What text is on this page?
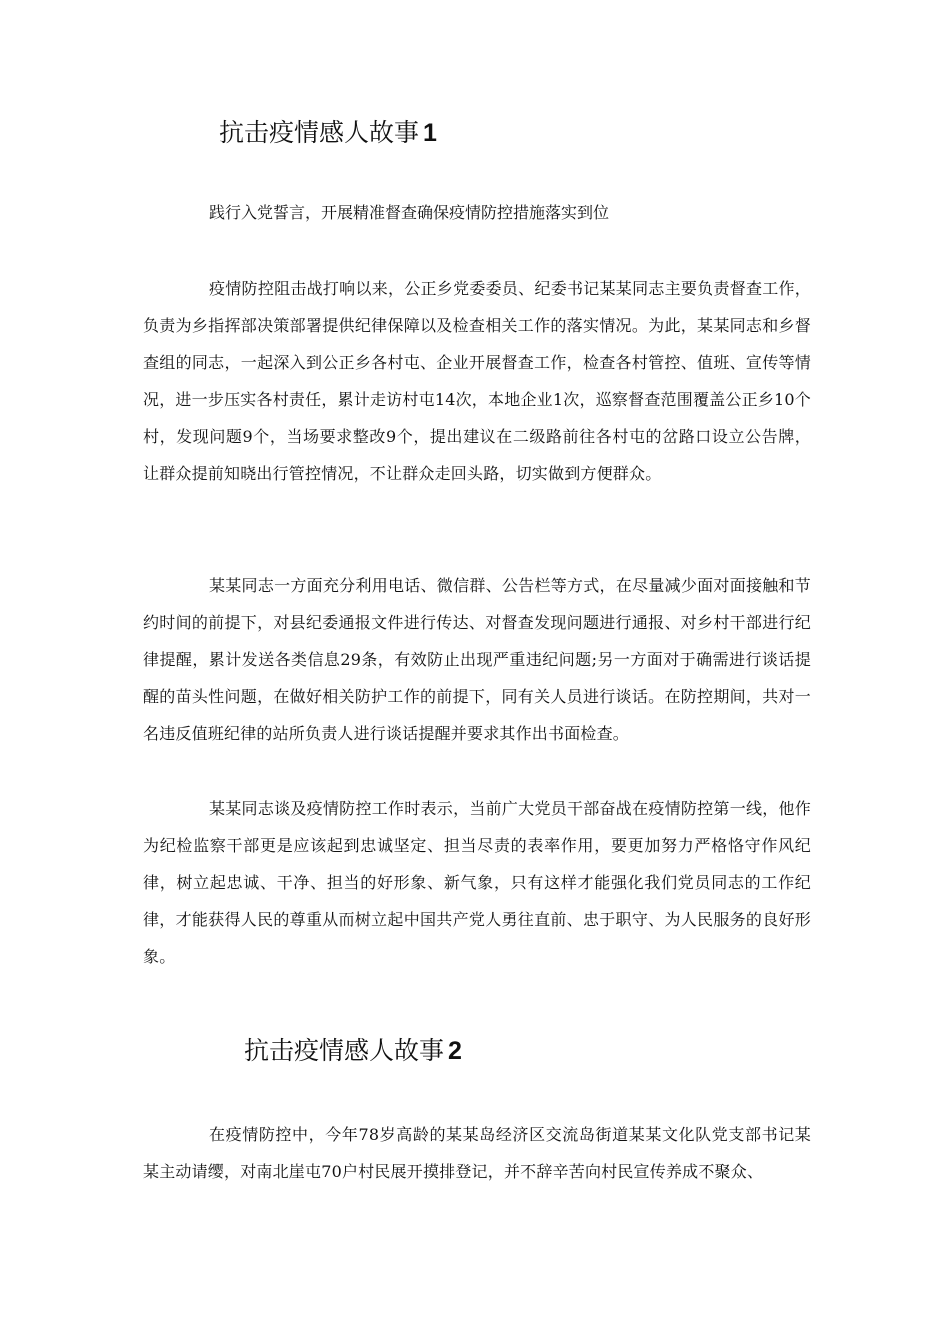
抗击疫情感人故事 1

践行入党誓言，开展精准督查确保疫情防控措施落实到位

疫情防控阻击战打响以来，公正乡党委委员、纪委书记某某同志主要负责督查工作，负责为乡指挥部决策部署提供纪律保障以及检查相关工作的落实情况。为此，某某同志和乡督查组的同志，一起深入到公正乡各村屯、企业开展督查工作，检查各村管控、值班、宣传等情况，进一步压实各村责任，累计走访村屯14次，本地企业1次，巡察督查范围覆盖公正乡10个村，发现问题9个，当场要求整改9个，提出建议在二级路前往各村屯的岔路口设立公告牌，让群众提前知晓出行管控情况，不让群众走回头路，切实做到方便群众。

某某同志一方面充分利用电话、微信群、公告栏等方式，在尽量减少面对面接触和节约时间的前提下，对县纪委通报文件进行传达、对督查发现问题进行通报、对乡村干部进行纪律提醒，累计发送各类信息29条，有效防止出现严重违纪问题;另一方面对于确需进行谈话提醒的苗头性问题，在做好相关防护工作的前提下，同有关人员进行谈话。在防控期间，共对一名违反值班纪律的站所负责人进行谈话提醒并要求其作出书面检查。

某某同志谈及疫情防控工作时表示，当前广大党员干部奋战在疫情防控第一线，他作为纪检监察干部更是应该起到忠诚坚定、担当尽责的表率作用，要更加努力严格恪守作风纪律，树立起忠诚、干净、担当的好形象、新气象，只有这样才能强化我们党员同志的工作纪律，才能获得人民的尊重从而树立起中国共产党人勇往直前、忠于职守、为人民服务的良好形象。

抗击疫情感人故事 2

在疫情防控中，今年78岁高龄的某某岛经济区交流岛街道某某文化队党支部书记某某主动请缨，对南北崖屯70户村民展开摸排登记，并不辞辛苦向村民宣传养成不聚众、
